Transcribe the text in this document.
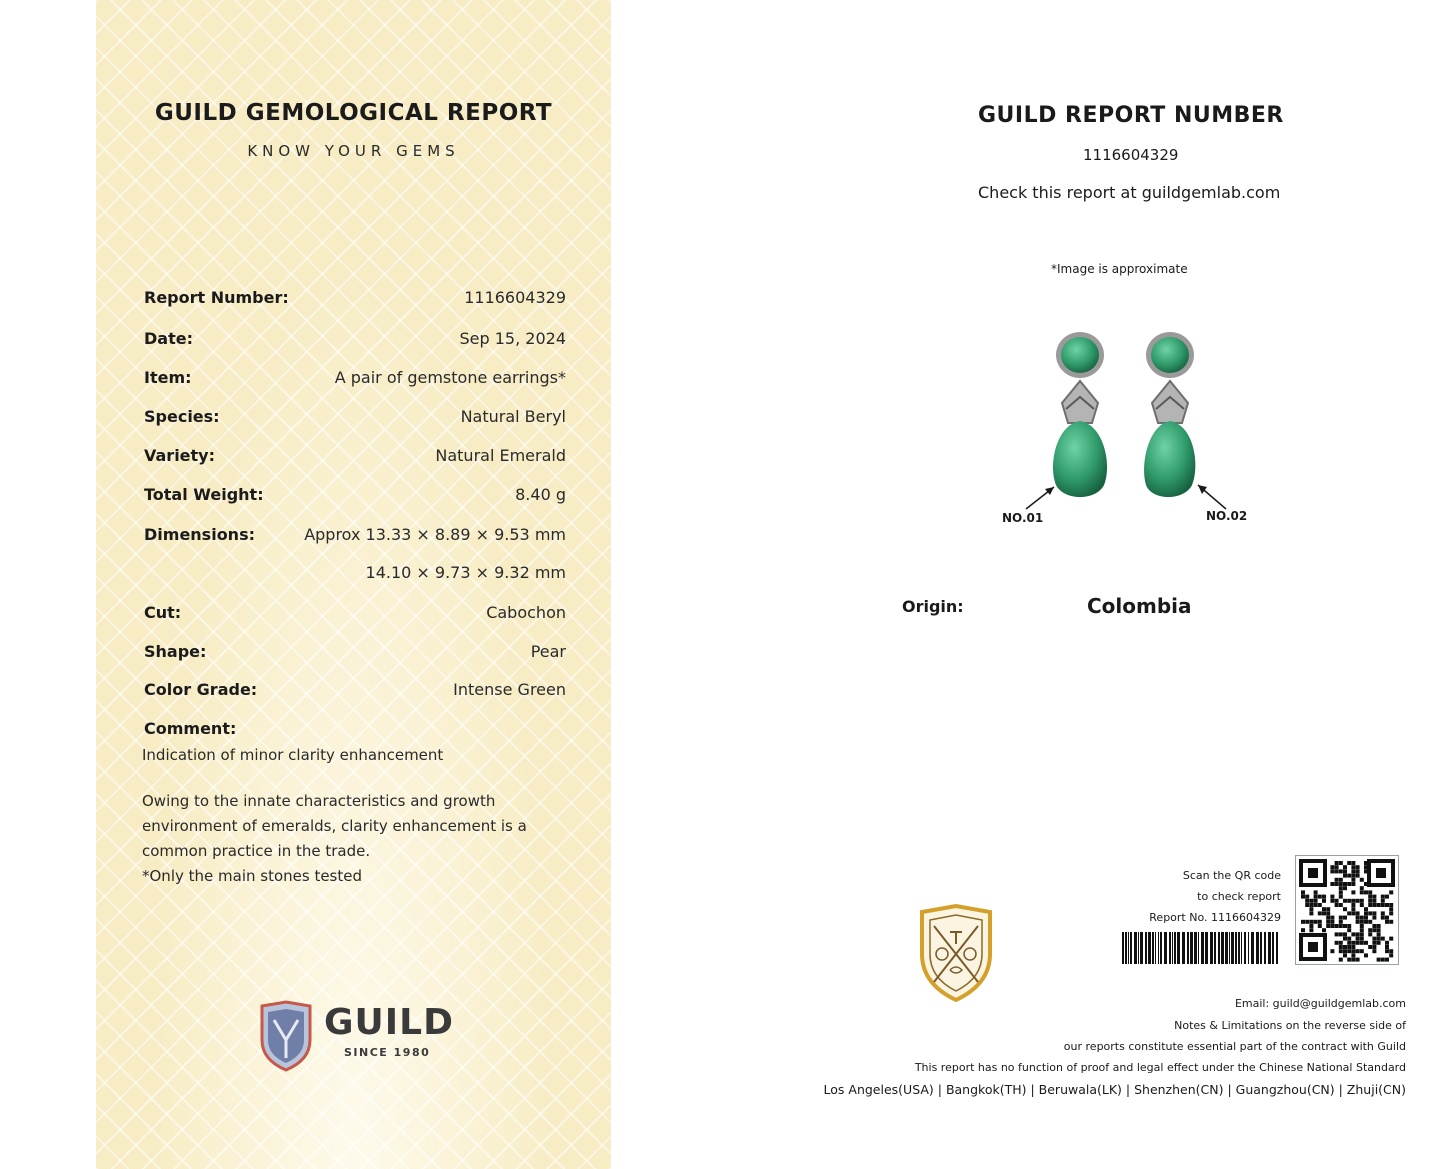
GUILD GEMOLOGICAL REPORT
KNOW YOUR GEMS
Report Number:	1116604329
Date:	Sep 15, 2024
Item:	A pair of gemstone earrings*
Species:	Natural Beryl
Variety:	Natural Emerald
Total Weight:	8.40 g
Dimensions:	Approx 13.33 × 8.89 × 9.53 mm
14.10 × 9.73 × 9.32 mm
Cut:	Cabochon
Shape:	Pear
Color Grade:	Intense Green
Comment:
Indication of minor clarity enhancement
Owing to the innate characteristics and growth
environment of emeralds, clarity enhancement is a
common practice in the trade.
*Only the main stones tested
GUILD
SINCE 1980
GUILD REPORT NUMBER
1116604329
Check this report at guildgemlab.com
*Image is approximate
NO.01	NO.02
Origin:	Colombia
Scan the QR code
to check report
Report No. 1116604329
Email: guild@guildgemlab.com
Notes & Limitations on the reverse side of
our reports constitute essential part of the contract with Guild
This report has no function of proof and legal effect under the Chinese National Standard
Los Angeles(USA) | Bangkok(TH) | Beruwala(LK) | Shenzhen(CN) | Guangzhou(CN) | Zhuji(CN)
